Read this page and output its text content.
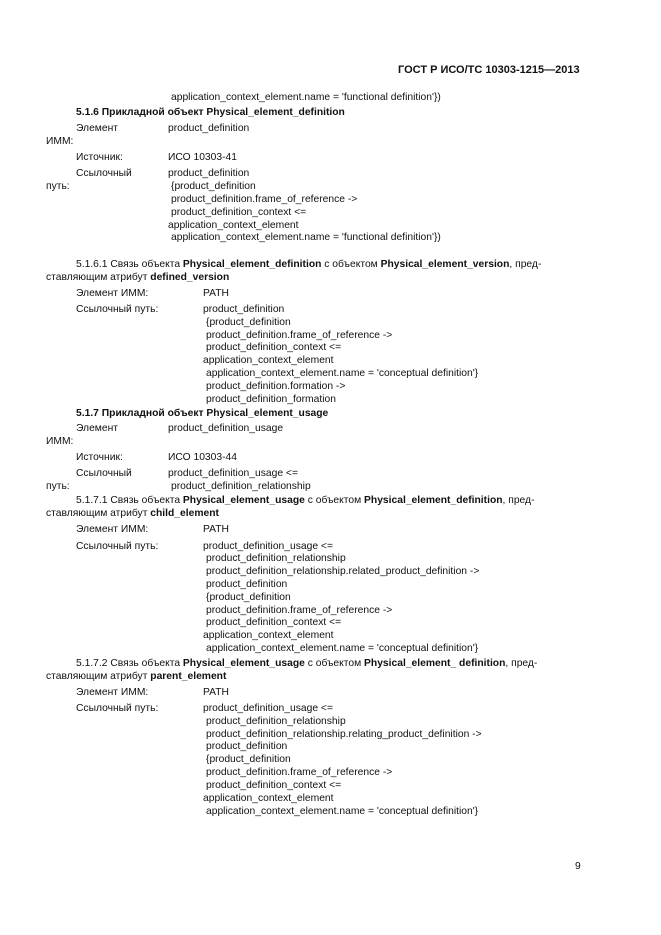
ГОСТ Р ИСО/ТС 10303-1215—2013
application_context_element.name = 'functional definition'})
5.1.6 Прикладной объект Physical_element_definition
Элемент	product_definition
ИММ:
Источник:	ИСО 10303-41
Ссылочный	product_definition
путь:	{product_definition
product_definition.frame_of_reference ->
product_definition_context <=
application_context_element
application_context_element.name = 'functional definition'})
5.1.6.1 Связь объекта Physical_element_definition с объектом Physical_element_version, пред-
ставляющим атрибут defined_version
Элемент ИММ:	PATH
Ссылочный путь:	product_definition
{product_definition
product_definition.frame_of_reference ->
product_definition_context <=
application_context_element
application_context_element.name = 'conceptual definition'}
product_definition.formation ->
product_definition_formation
5.1.7 Прикладной объект Physical_element_usage
Элемент	product_definition_usage
ИММ:
Источник:	ИСО 10303-44
Ссылочный	product_definition_usage <=
путь:	product_definition_relationship
5.1.7.1 Связь объекта Physical_element_usage с объектом Physical_element_definition, пред-
ставляющим атрибут child_element
Элемент ИММ:	PATH
Ссылочный путь:	product_definition_usage <=
product_definition_relationship
product_definition_relationship.related_product_definition ->
product_definition
{product_definition
product_definition.frame_of_reference ->
product_definition_context <=
application_context_element
application_context_element.name = 'conceptual definition'}
5.1.7.2 Связь объекта Physical_element_usage с объектом Physical_element_ definition, пред-
ставляющим атрибут parent_element
Элемент ИММ:	PATH
Ссылочный путь:	product_definition_usage <=
product_definition_relationship
product_definition_relationship.relating_product_definition ->
product_definition
{product_definition
product_definition.frame_of_reference ->
product_definition_context <=
application_context_element
application_context_element.name = 'conceptual definition'}
9
